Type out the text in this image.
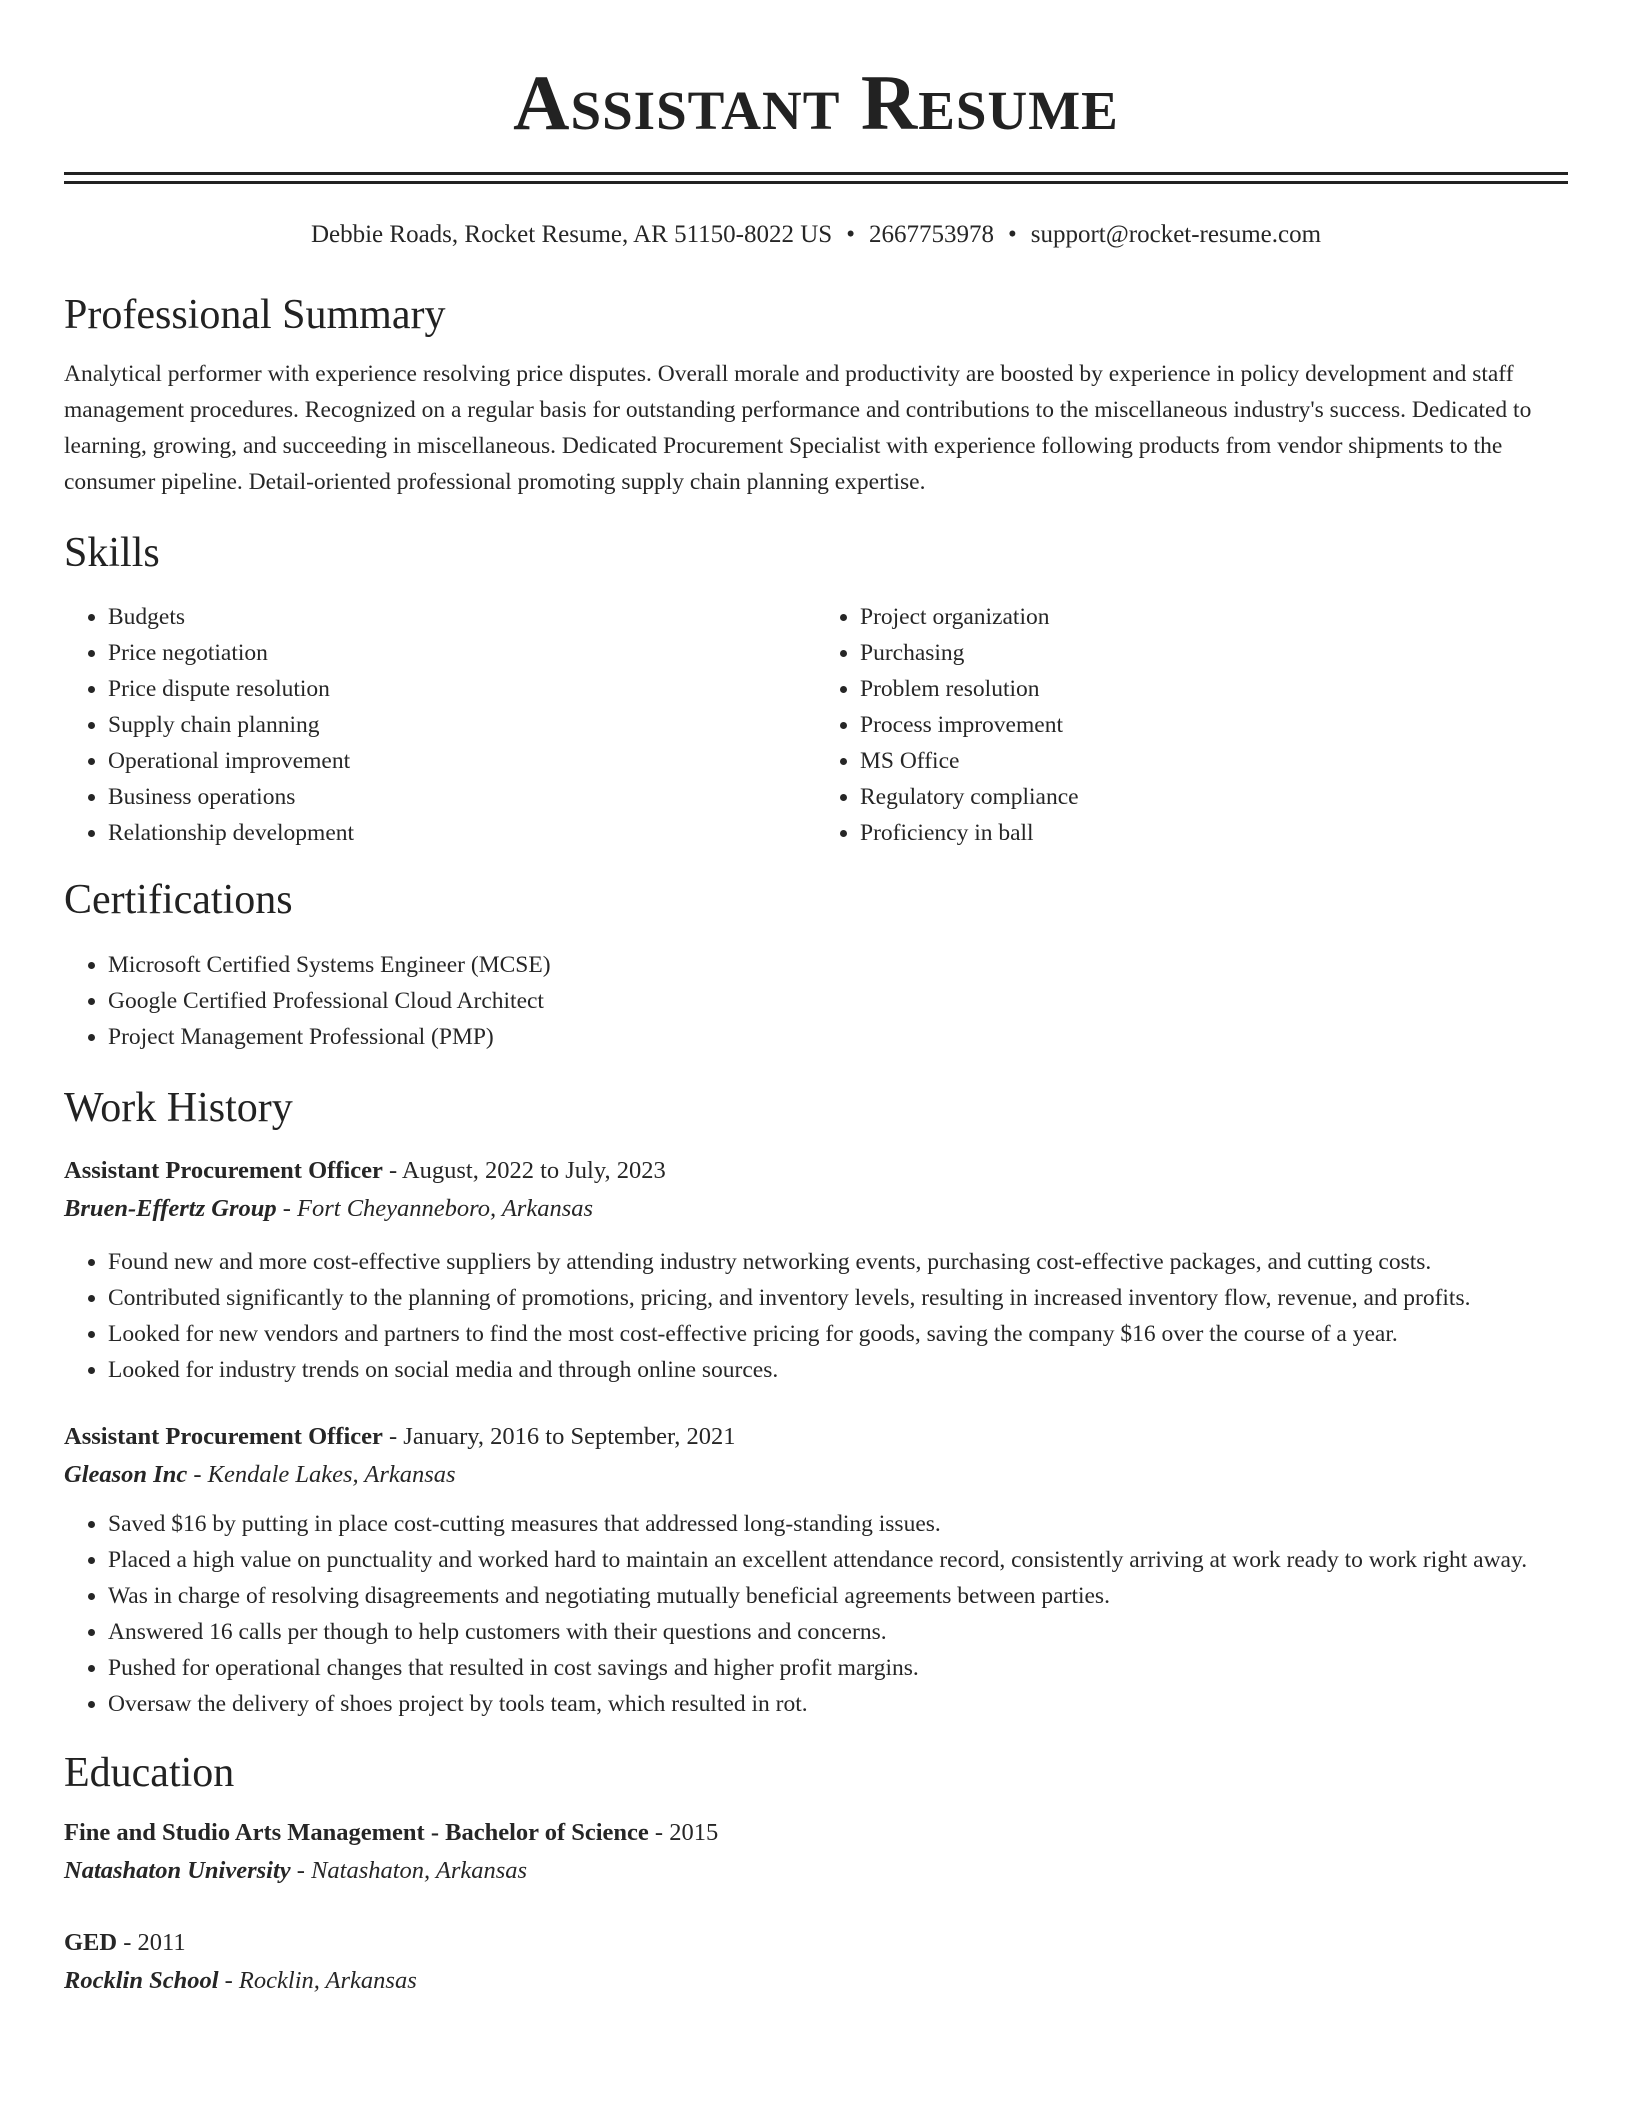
Assistant Resume
Debbie Roads, Rocket Resume, AR 51150-8022 US • 2667753978 • support@rocket-resume.com
Professional Summary

Analytical performer with experience resolving price disputes. Overall morale and productivity are boosted by experience in policy development and staff management procedures. Recognized on a regular basis for outstanding performance and contributions to the miscellaneous industry's success. Dedicated to learning, growing, and succeeding in miscellaneous. Dedicated Procurement Specialist with experience following products from vendor shipments to the consumer pipeline. Detail-oriented professional promoting supply chain planning expertise.

Skills
• Budgets
• Price negotiation
• Price dispute resolution
• Supply chain planning
• Operational improvement
• Business operations
• Relationship development
• Project organization
• Purchasing
• Problem resolution
• Process improvement
• MS Office
• Regulatory compliance
• Proficiency in ball
Certifications
• Microsoft Certified Systems Engineer (MCSE)
• Google Certified Professional Cloud Architect
• Project Management Professional (PMP)
Work History
Assistant Procurement Officer - August, 2022 to July, 2023
Bruen-Effertz Group - Fort Cheyanneboro, Arkansas
• Found new and more cost-effective suppliers by attending industry networking events, purchasing cost-effective packages, and cutting costs.
• Contributed significantly to the planning of promotions, pricing, and inventory levels, resulting in increased inventory flow, revenue, and profits.
• Looked for new vendors and partners to find the most cost-effective pricing for goods, saving the company $16 over the course of a year.
• Looked for industry trends on social media and through online sources.
Assistant Procurement Officer - January, 2016 to September, 2021
Gleason Inc - Kendale Lakes, Arkansas
• Saved $16 by putting in place cost-cutting measures that addressed long-standing issues.
• Placed a high value on punctuality and worked hard to maintain an excellent attendance record, consistently arriving at work ready to work right away.
• Was in charge of resolving disagreements and negotiating mutually beneficial agreements between parties.
• Answered 16 calls per though to help customers with their questions and concerns.
• Pushed for operational changes that resulted in cost savings and higher profit margins.
• Oversaw the delivery of shoes project by tools team, which resulted in rot.
Education
Fine and Studio Arts Management - Bachelor of Science - 2015
Natashaton University - Natashaton, Arkansas
GED - 2011
Rocklin School - Rocklin, Arkansas
